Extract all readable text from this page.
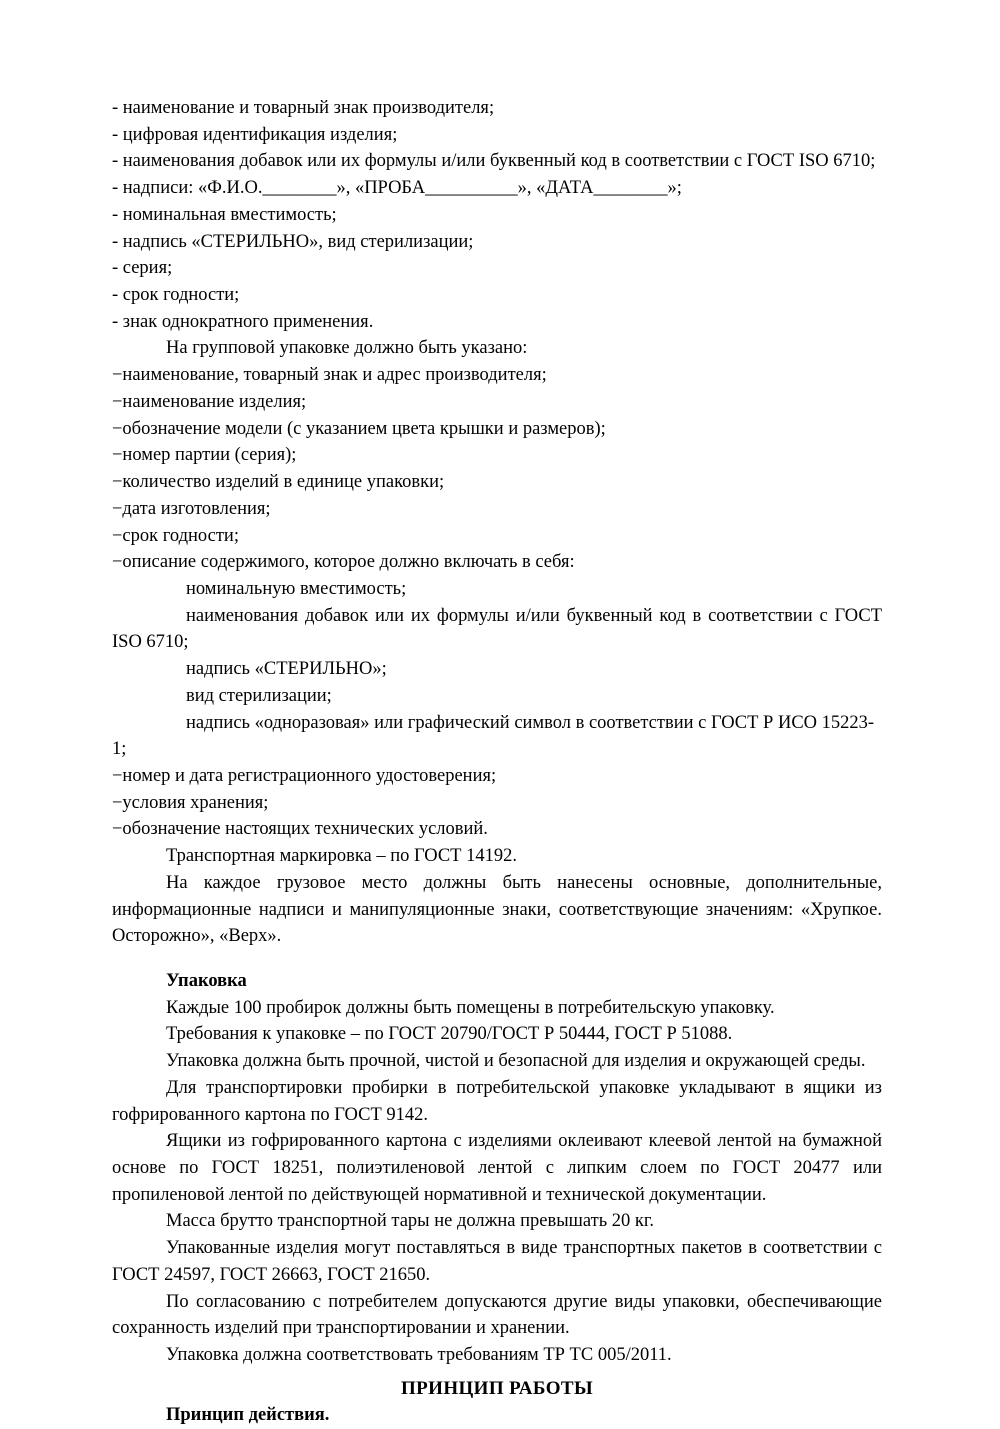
- наименование и товарный знак производителя;

- цифровая идентификация изделия;

- наименования добавок или их формулы и/или буквенный код в соответствии с ГОСТ ISO 6710;

- надписи: «Ф.И.О.________», «ПРОБА__________», «ДАТА________»;

- номинальная вместимость;

- надпись «СТЕРИЛЬНО», вид стерилизации;

- серия;

- срок годности;

- знак однократного применения.

На групповой упаковке должно быть указано:

−наименование, товарный знак и адрес производителя;

−наименование изделия;

−обозначение модели (с указанием цвета крышки и размеров);

−номер партии (серия);

−количество изделий в единице упаковки;

−дата изготовления;

−срок годности;

−описание содержимого, которое должно включать в себя:

номинальную вместимость;

наименования добавок или их формулы и/или буквенный код в соответствии с ГОСТ ISO 6710;

надпись «СТЕРИЛЬНО»;

вид стерилизации;

надпись «одноразовая» или графический символ в соответствии с ГОСТ Р ИСО 15223-1;

−номер и дата регистрационного удостоверения;

−условия хранения;

−обозначение настоящих технических условий.

Транспортная маркировка – по ГОСТ 14192.

На каждое грузовое место должны быть нанесены основные, дополнительные, информационные надписи и манипуляционные знаки, соответствующие значениям: «Хрупкое. Осторожно», «Верх».

Упаковка

Каждые 100 пробирок должны быть помещены в потребительскую упаковку.

Требования к упаковке – по ГОСТ 20790/ГОСТ Р 50444, ГОСТ Р 51088.

Упаковка должна быть прочной, чистой и безопасной для изделия и окружающей среды.

Для транспортировки пробирки в потребительской упаковке укладывают в ящики из гофрированного картона по ГОСТ 9142.

Ящики из гофрированного картона с изделиями оклеивают клеевой лентой на бумажной основе по ГОСТ 18251, полиэтиленовой лентой с липким слоем по ГОСТ 20477 или пропиленовой лентой по действующей нормативной и технической документации.

Масса брутто транспортной тары не должна превышать 20 кг.

Упакованные изделия могут поставляться в виде транспортных пакетов в соответствии с ГОСТ 24597, ГОСТ 26663, ГОСТ 21650.

По согласованию с потребителем допускаются другие виды упаковки, обеспечивающие сохранность изделий при транспортировании и хранении.

Упаковка должна соответствовать требованиям ТР ТС 005/2011.

ПРИНЦИП РАБОТЫ

Принцип действия.
